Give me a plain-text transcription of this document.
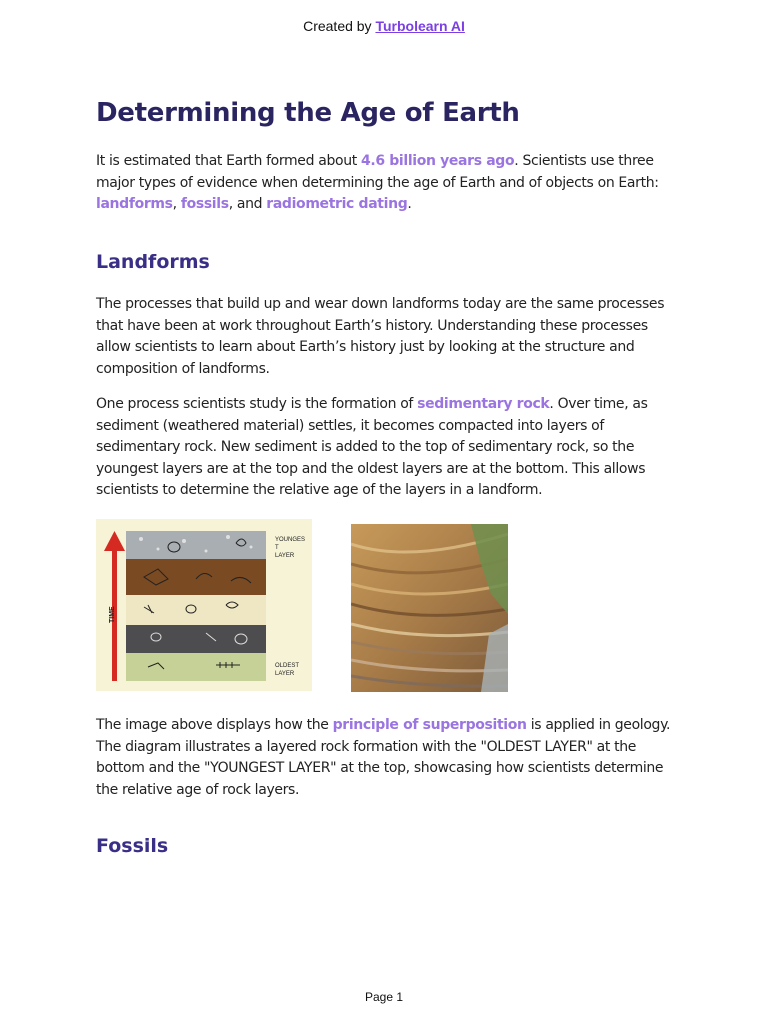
Created by Turbolearn AI
Determining the Age of Earth

It is estimated that Earth formed about 4.6 billion years ago. Scientists use three major types of evidence when determining the age of Earth and of objects on Earth: landforms, fossils, and radiometric dating.

Landforms

The processes that build up and wear down landforms today are the same processes that have been at work throughout Earth’s history. Understanding these processes allow scientists to learn about Earth’s history just by looking at the structure and composition of landforms.

One process scientists study is the formation of sedimentary rock. Over time, as sediment (weathered material) settles, it becomes compacted into layers of sedimentary rock. New sediment is added to the top of sedimentary rock, so the youngest layers are at the top and the oldest layers are at the bottom. This allows scientists to determine the relative age of the layers in a landform.

TIME
YOUNGES
T
LAYER
OLDEST
LAYER

The image above displays how the principle of superposition is applied in geology. The diagram illustrates a layered rock formation with the "OLDEST LAYER" at the bottom and the "YOUNGEST LAYER" at the top, showcasing how scientists determine the relative age of rock layers.

Fossils
Page 1
